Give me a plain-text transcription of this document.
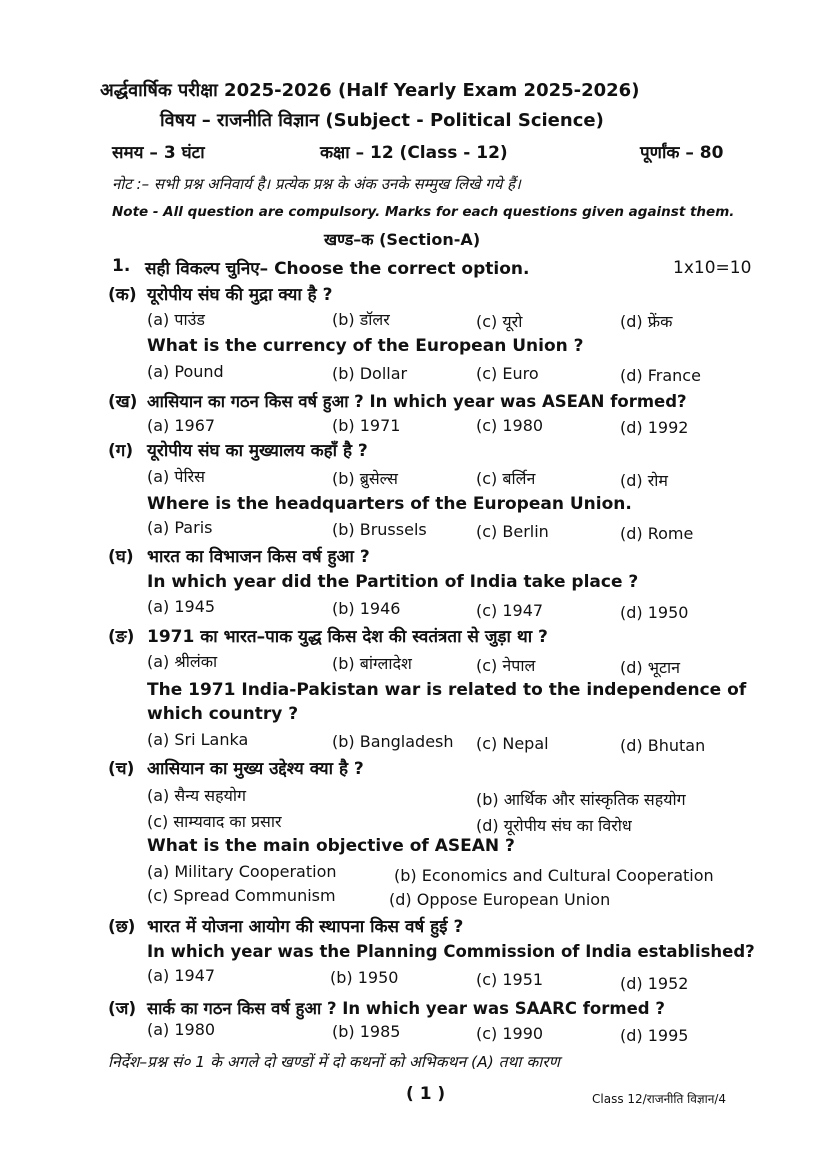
अर्द्धवार्षिक परीक्षा 2025-2026 (Half Yearly Exam 2025-2026)
विषय – राजनीति विज्ञान (Subject - Political Science)
समय – 3 घंटा	कक्षा – 12 (Class - 12)	पूर्णांक – 80
नोट :– सभी प्रश्न अनिवार्य है। प्रत्येक प्रश्न के अंक उनके सम्मुख लिखे गये हैं।
Note - All question are compulsory. Marks for each questions given against them.
खण्ड–क (Section-A)
1. सही विकल्प चुनिए– Choose the correct option.	1x10=10
(क) यूरोपीय संघ की मुद्रा क्या है ?
(a) पाउंड	(b) डॉलर	(c) यूरो	(d) फ्रेंक
What is the currency of the European Union ?
(a) Pound	(b) Dollar	(c) Euro	(d) France
(ख) आसियान का गठन किस वर्ष हुआ ? In which year was ASEAN formed?
(a) 1967	(b) 1971	(c) 1980	(d) 1992
(ग) यूरोपीय संघ का मुख्यालय कहाँ है ?
(a) पेरिस	(b) ब्रुसेल्स	(c) बर्लिन	(d) रोम
Where is the headquarters of the European Union.
(a) Paris	(b) Brussels	(c) Berlin	(d) Rome
(घ) भारत का विभाजन किस वर्ष हुआ ?
In which year did the Partition of India take place ?
(a) 1945	(b) 1946	(c) 1947	(d) 1950
(ङ) 1971 का भारत–पाक युद्ध किस देश की स्वतंत्रता से जुड़ा था ?
(a) श्रीलंका	(b) बांग्लादेश	(c) नेपाल	(d) भूटान
The 1971 India-Pakistan war is related to the independence of
which country ?
(a) Sri Lanka	(b) Bangladesh (c) Nepal	(d) Bhutan
(च) आसियान का मुख्य उद्देश्य क्या है ?
(a) सैन्य सहयोग	(b) आर्थिक और सांस्कृतिक सहयोग
(c) साम्यवाद का प्रसार	(d) यूरोपीय संघ का विरोध
What is the main objective of ASEAN ?
(a) Military Cooperation	(b) Economics and Cultural Cooperation
(c) Spread Communism	(d) Oppose European Union
(छ) भारत में योजना आयोग की स्थापना किस वर्ष हुई ?
In which year was the Planning Commission of India established?
(a) 1947	(b) 1950	(c) 1951	(d) 1952
(ज) सार्क का गठन किस वर्ष हुआ ? In which year was SAARC formed ?
(a) 1980	(b) 1985	(c) 1990	(d) 1995
निर्देश–प्रश्न सं० 1 के अगले दो खण्डों में दो कथनों को अभिकथन (A) तथा कारण
( 1 )	Class 12/राजनीति विज्ञान/4
